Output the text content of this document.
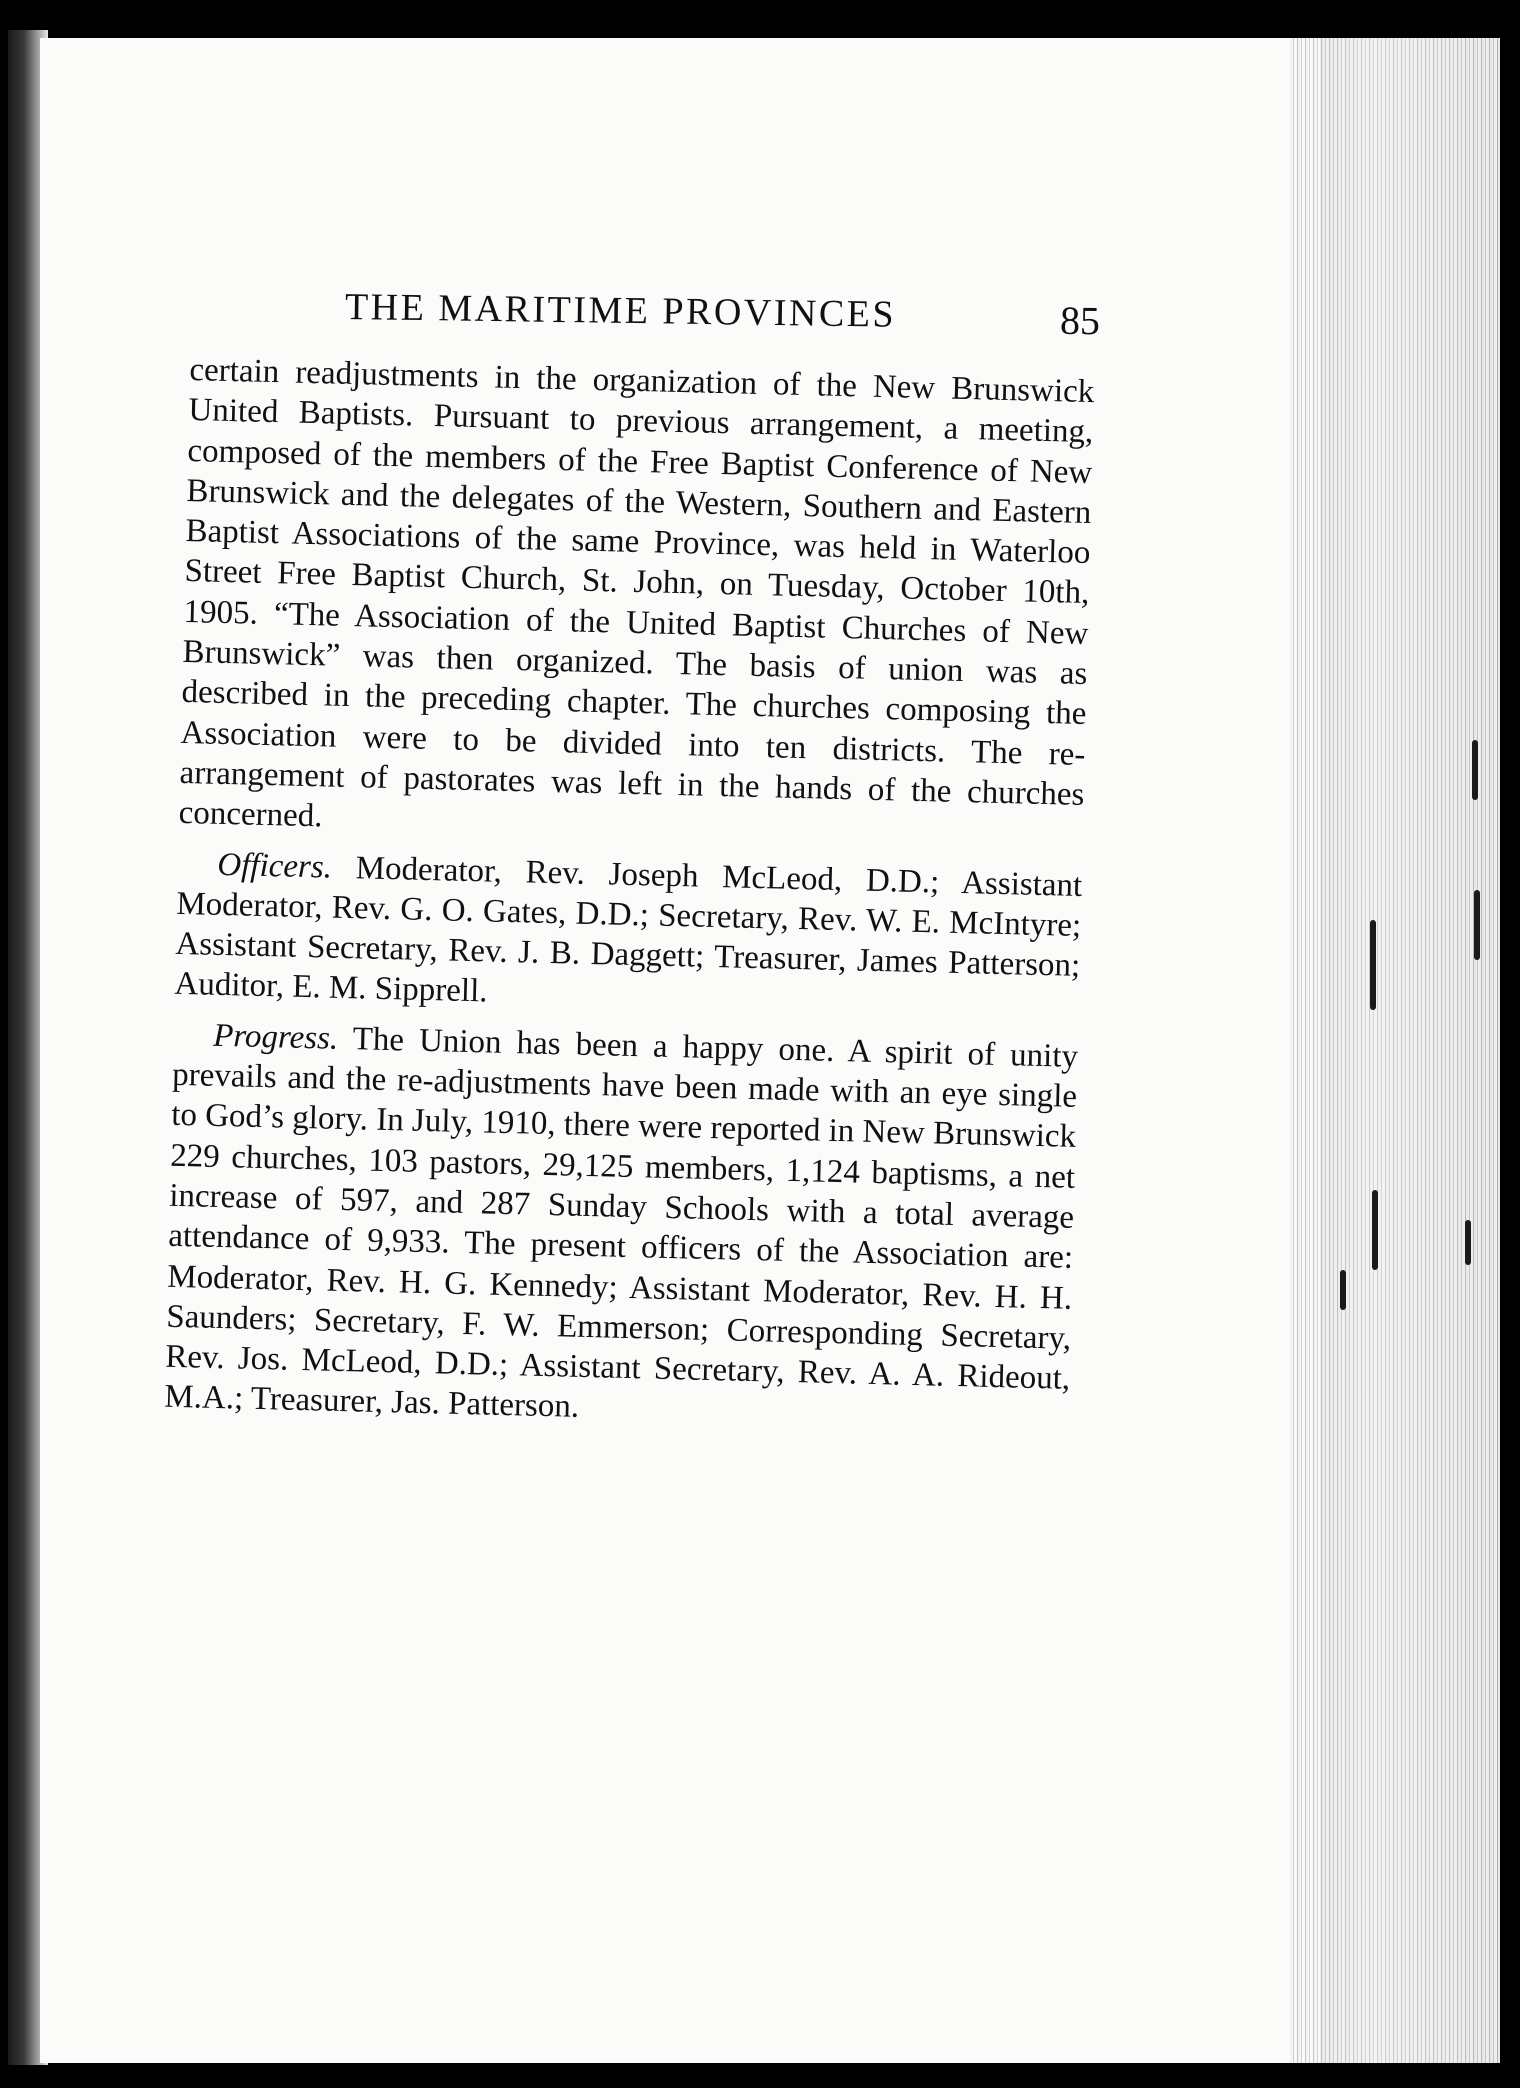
THE MARITIME PROVINCES	85

certain readjustments in the organization of the New Brunswick United Baptists. Pursuant to previous arrangement, a meeting, composed of the members of the Free Baptist Conference of New Brunswick and the delegates of the Western, Southern and Eastern Baptist Associations of the same Province, was held in Waterloo Street Free Baptist Church, St. John, on Tuesday, October 10th, 1905. “The Association of the United Baptist Churches of New Brunswick” was then organized. The basis of union was as described in the preceding chapter. The churches composing the Association were to be divided into ten districts. The re-arrangement of pastorates was left in the hands of the churches concerned.

Officers. Moderator, Rev. Joseph McLeod, D.D.; Assistant Moderator, Rev. G. O. Gates, D.D.; Secretary, Rev. W. E. McIntyre; Assistant Secretary, Rev. J. B. Daggett; Treasurer, James Patterson; Auditor, E. M. Sipprell.

Progress. The Union has been a happy one. A spirit of unity prevails and the re-adjustments have been made with an eye single to God’s glory. In July, 1910, there were reported in New Brunswick 229 churches, 103 pastors, 29,125 members, 1,124 baptisms, a net increase of 597, and 287 Sunday Schools with a total average attendance of 9,933. The present officers of the Association are: Moderator, Rev. H. G. Kennedy; Assistant Moderator, Rev. H. H. Saunders; Secretary, F. W. Emmerson; Corresponding Secretary, Rev. Jos. McLeod, D.D.; Assistant Secretary, Rev. A. A. Rideout, M.A.; Treasurer, Jas. Patterson.
